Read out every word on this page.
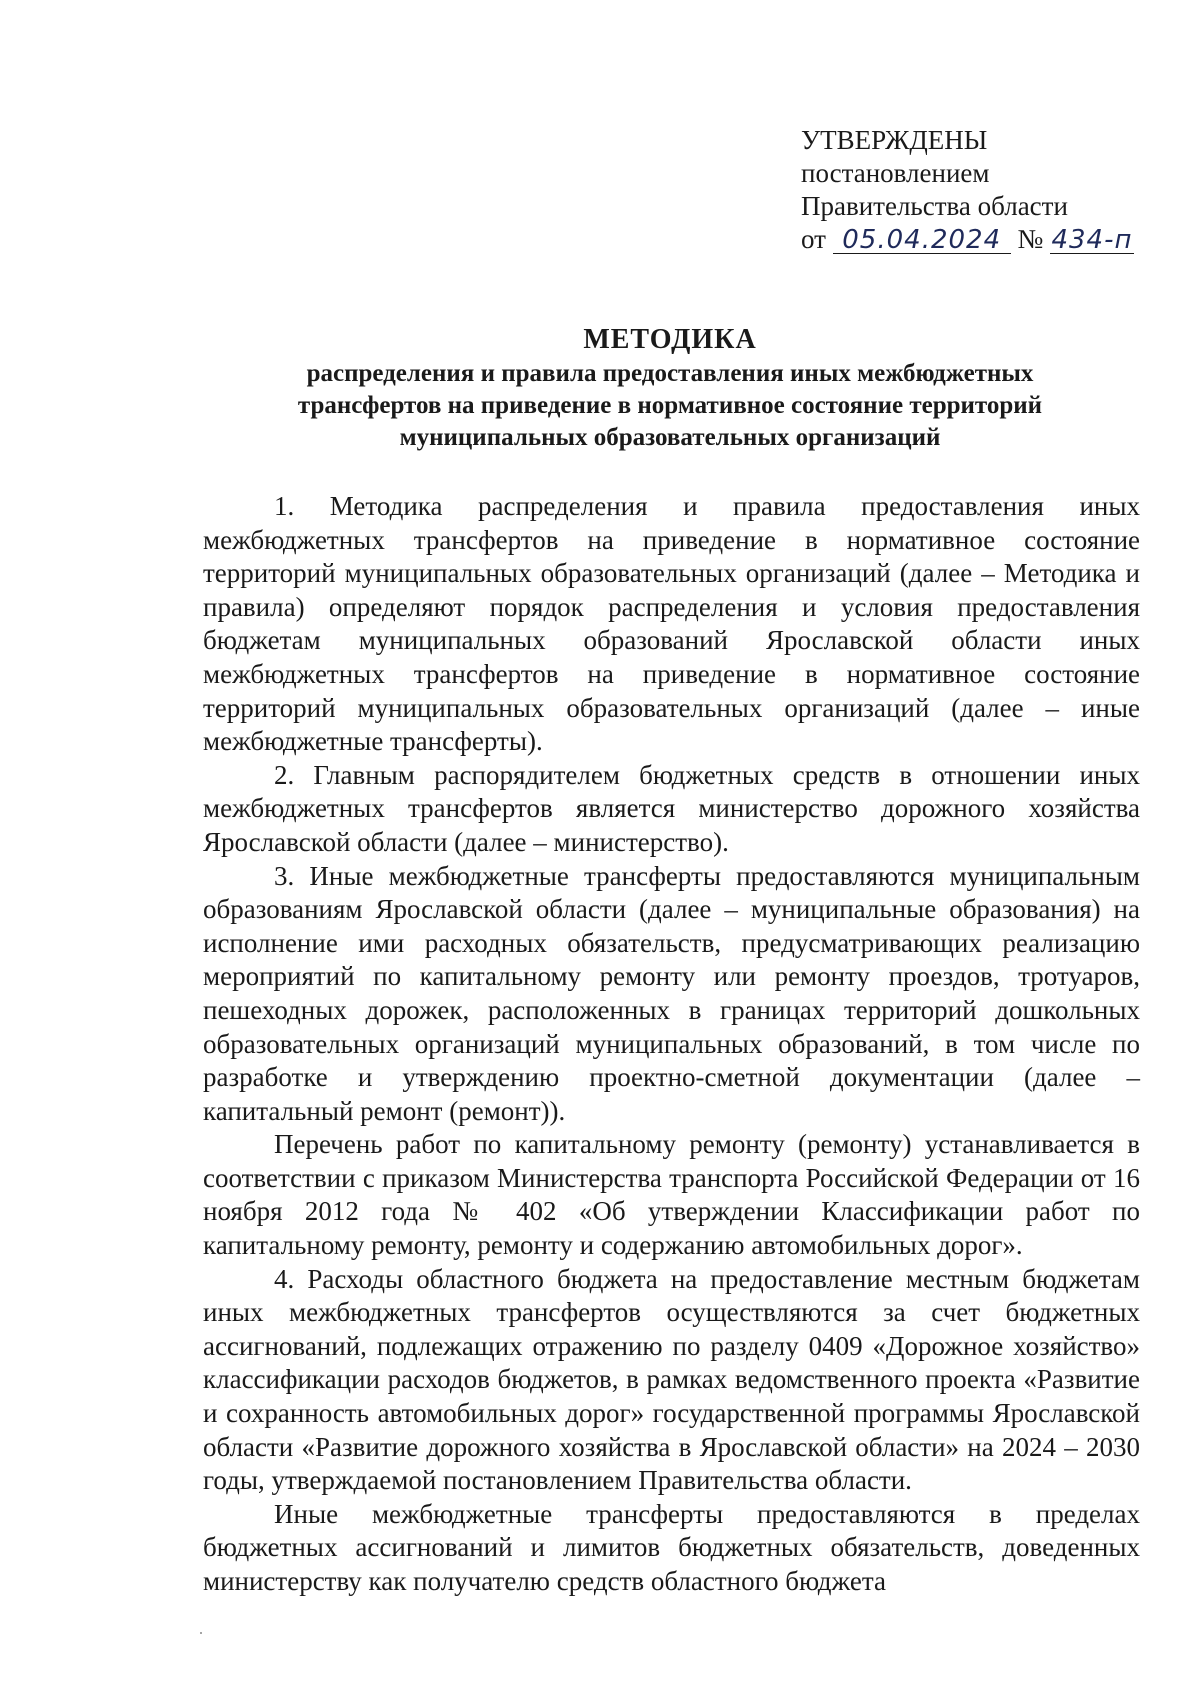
УТВЕРЖДЕНЫ
постановлением
Правительства области
от 05.04.2024 № 434-п
МЕТОДИКА
распределения и правила предоставления иных межбюджетных
трансфертов на приведение в нормативное состояние территорий
муниципальных образовательных организаций

1. Методика распределения и правила предоставления иных межбюджетных трансфертов на приведение в нормативное состояние территорий муниципальных образовательных организаций (далее – Методика и правила) определяют порядок распределения и условия предоставления бюджетам муниципальных образований Ярославской области иных межбюджетных трансфертов на приведение в нормативное состояние территорий муниципальных образовательных организаций (далее – иные межбюджетные трансферты).

2. Главным распорядителем бюджетных средств в отношении иных межбюджетных трансфертов является министерство дорожного хозяйства Ярославской области (далее – министерство).

3. Иные межбюджетные трансферты предоставляются муниципальным образованиям Ярославской области (далее – муниципальные образования) на исполнение ими расходных обязательств, предусматривающих реализацию мероприятий по капитальному ремонту или ремонту проездов, тротуаров, пешеходных дорожек, расположенных в границах территорий дошкольных образовательных организаций муниципальных образований, в том числе по разработке и утверждению проектно-сметной документации (далее – капитальный ремонт (ремонт)).

Перечень работ по капитальному ремонту (ремонту) устанавливается в соответствии с приказом Министерства транспорта Российской Федерации от 16 ноября 2012 года № 402 «Об утверждении Классификации работ по капитальному ремонту, ремонту и содержанию автомобильных дорог».

4. Расходы областного бюджета на предоставление местным бюджетам иных межбюджетных трансфертов осуществляются за счет бюджетных ассигнований, подлежащих отражению по разделу 0409 «Дорожное хозяйство» классификации расходов бюджетов, в рамках ведомственного проекта «Развитие и сохранность автомобильных дорог» государственной программы Ярославской области «Развитие дорожного хозяйства в Ярославской области» на 2024 – 2030 годы, утверждаемой постановлением Правительства области.

Иные межбюджетные трансферты предоставляются в пределах бюджетных ассигнований и лимитов бюджетных обязательств, доведенных министерству как получателю средств областного бюджета
